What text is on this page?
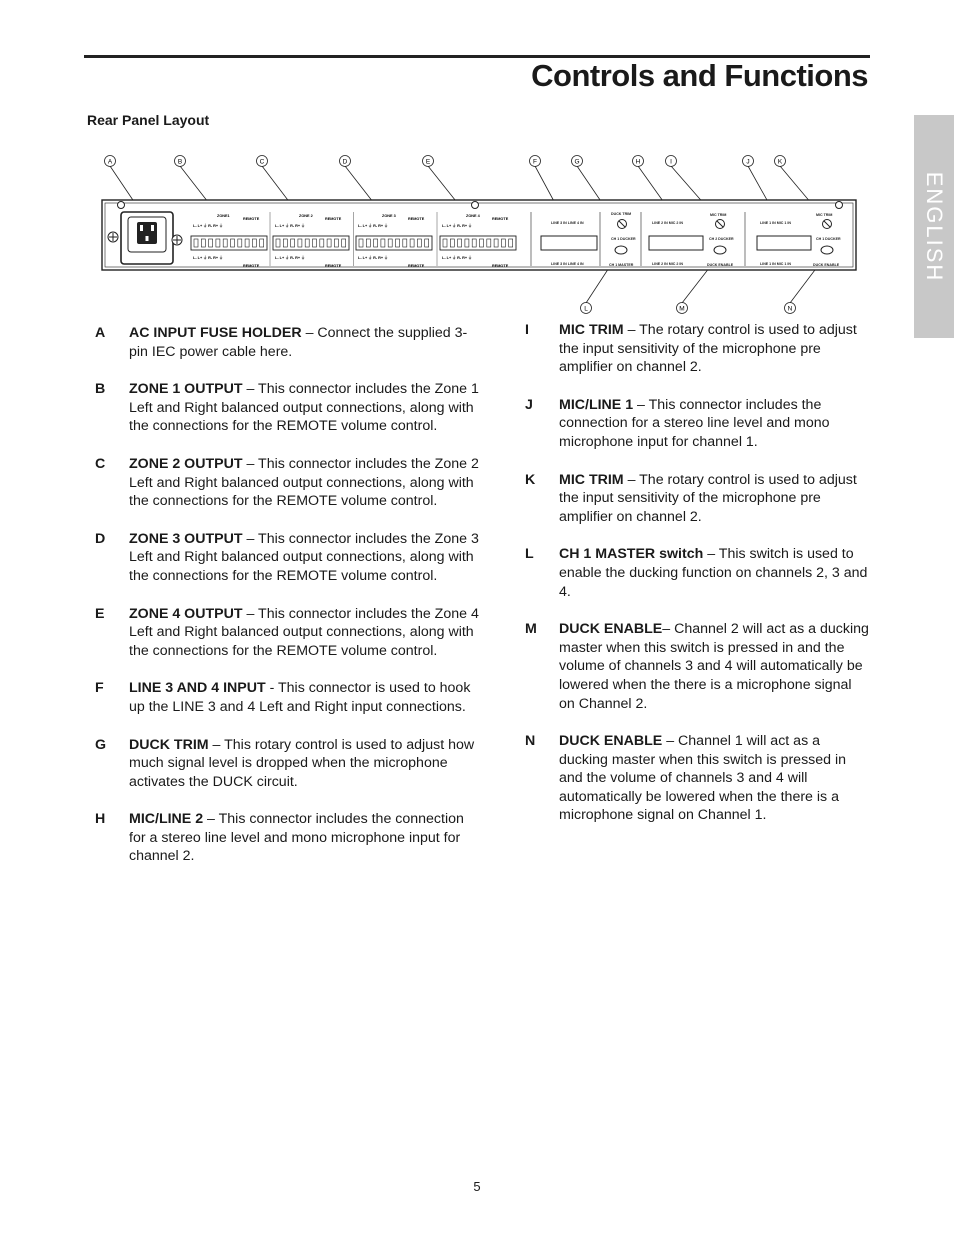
Controls and Functions
Rear Panel Layout
ENGLISH
A	B	C	D	E	F	G	H	I	J	K
L	M	N
ZONE1
REMOTE
REMOTE
L- L+ ⏚ R- R+ ⏚
L- L+ ⏚ R- R+ ⏚
ZONE 2
REMOTE
REMOTE
L- L+ ⏚ R- R+ ⏚
L- L+ ⏚ R- R+ ⏚
ZONE 3
REMOTE
REMOTE
L- L+ ⏚ R- R+ ⏚
L- L+ ⏚ R- R+ ⏚
ZONE 4
REMOTE
REMOTE
L- L+ ⏚ R- R+ ⏚
L- L+ ⏚ R- R+ ⏚
DUCK TRIM	MIC TRIM	MIC TRIM
CH 1 DUCKER	CH 2 DUCKER	CH 1 DUCKER
CH 1 MASTER	DUCK ENABLE	DUCK ENABLE
LINE 3 IN LINE 4 IN
LINE 3 IN LINE 4 IN
LINE 2 IN MIC 2 IN
LINE 2 IN MIC 2 IN
LINE 1 IN MIC 1 IN
LINE 1 IN MIC 1 IN
A AC INPUT FUSE HOLDER – Connect the supplied 3-pin IEC power cable here.
B ZONE 1 OUTPUT – This connector includes the Zone 1 Left and Right balanced output connections, along with the connections for the REMOTE volume control.
C ZONE 2 OUTPUT – This connector includes the Zone 2 Left and Right balanced output connections, along with the connections for the REMOTE volume control.
D ZONE 3 OUTPUT – This connector includes the Zone 3 Left and Right balanced output connections, along with the connections for the REMOTE volume control.
E ZONE 4 OUTPUT – This connector includes the Zone 4 Left and Right balanced output connections, along with the connections for the REMOTE volume control.
F LINE 3 AND 4 INPUT - This connector is used to hook up the LINE 3 and 4 Left and Right input connections.
G DUCK TRIM – This rotary control is used to adjust how much signal level is dropped when the microphone activates the DUCK circuit.
H MIC/LINE 2 – This connector includes the connection for a stereo line level and mono microphone input for channel 2.
I MIC TRIM – The rotary control is used to adjust the input sensitivity of the microphone pre amplifier on channel 2.
J MIC/LINE 1 – This connector includes the connection for a stereo line level and mono microphone input for channel 1.
K MIC TRIM – The rotary control is used to adjust the input sensitivity of the microphone pre amplifier on channel 2.
L CH 1 MASTER switch – This switch is used to enable the ducking function on channels 2, 3 and 4.
M DUCK ENABLE– Channel 2 will act as a ducking master when this switch is pressed in and the volume of channels 3 and 4 will automatically be lowered when the there is a microphone signal on Channel 2.
N DUCK ENABLE – Channel 1 will act as a ducking master when this switch is pressed in and the volume of channels 3 and 4 will automatically be lowered when the there is a microphone signal on Channel 1.
5
